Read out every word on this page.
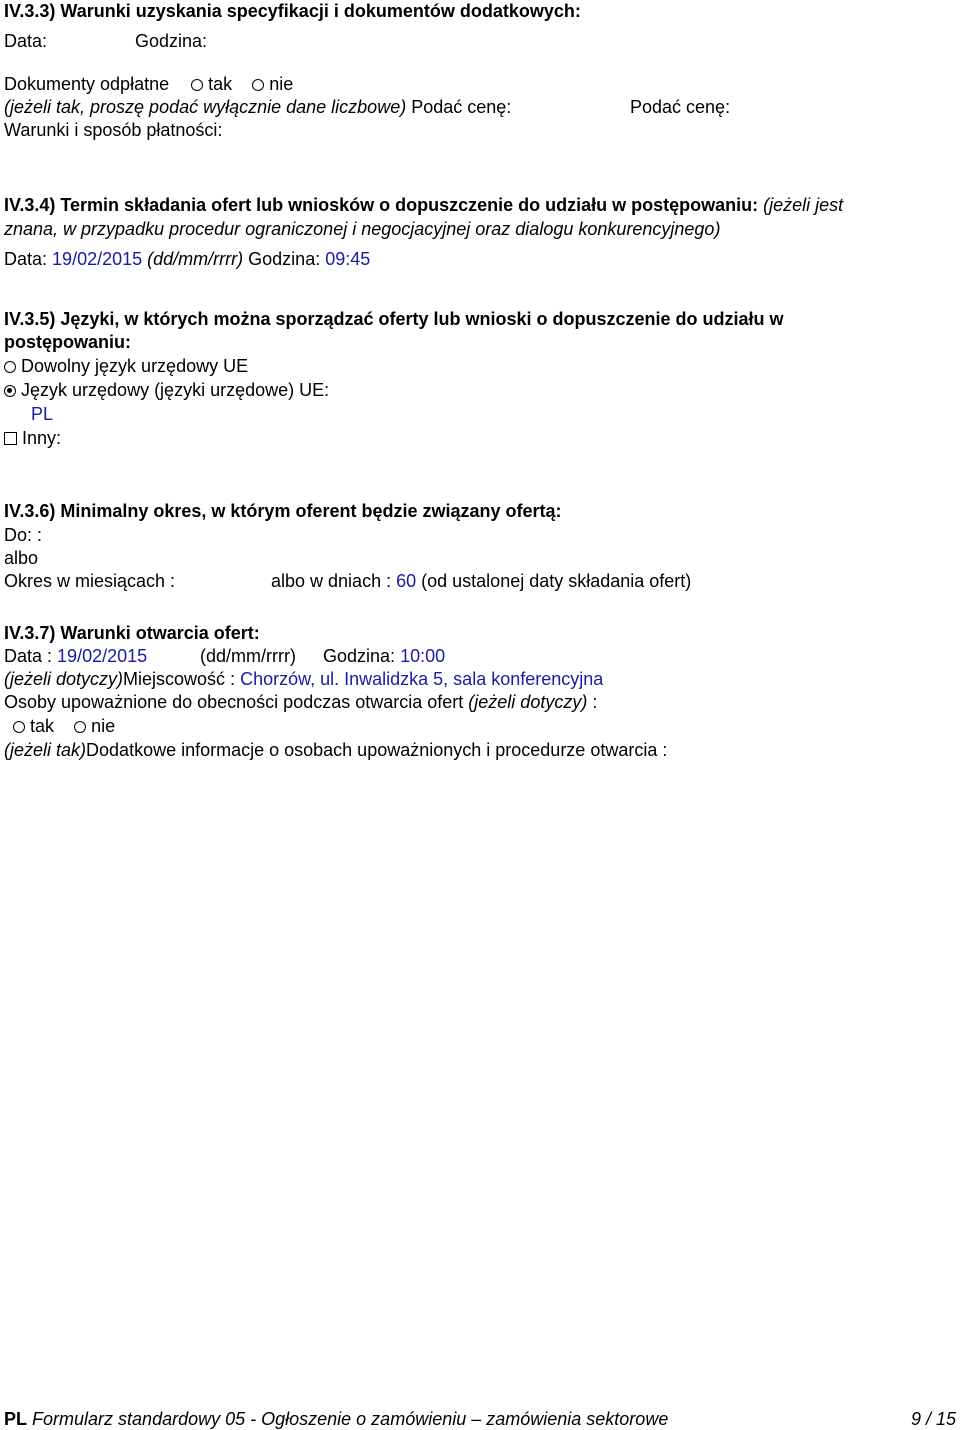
IV.3.3) Warunki uzyskania specyfikacji i dokumentów dodatkowych:
Data:	Godzina:
Dokumenty odpłatne tak nie
(jeżeli tak, proszę podać wyłącznie dane liczbowe) Podać cenę:	Podać cenę:
Warunki i sposób płatności:
IV.3.4) Termin składania ofert lub wniosków o dopuszczenie do udziału w postępowaniu: (jeżeli jest
znana, w przypadku procedur ograniczonej i negocjacyjnej oraz dialogu konkurencyjnego)
Data: 19/02/2015 (dd/mm/rrrr) Godzina: 09:45
IV.3.5) Języki, w których można sporządzać oferty lub wnioski o dopuszczenie do udziału w
postępowaniu:
Dowolny język urzędowy UE
Język urzędowy (języki urzędowe) UE:
PL
Inny:
IV.3.6) Minimalny okres, w którym oferent będzie związany ofertą:
Do: :
albo
Okres w miesiącach :	albo w dniach : 60 (od ustalonej daty składania ofert)
IV.3.7) Warunki otwarcia ofert:
Data : 19/02/2015	(dd/mm/rrrr) Godzina: 10:00
(jeżeli dotyczy)Miejscowość : Chorzów, ul. Inwalidzka 5, sala konferencyjna
Osoby upoważnione do obecności podczas otwarcia ofert (jeżeli dotyczy) :
tak nie
(jeżeli tak)Dodatkowe informacje o osobach upoważnionych i procedurze otwarcia :
PL Formularz standardowy 05 - Ogłoszenie o zamówieniu – zamówienia sektorowe	9 / 15
